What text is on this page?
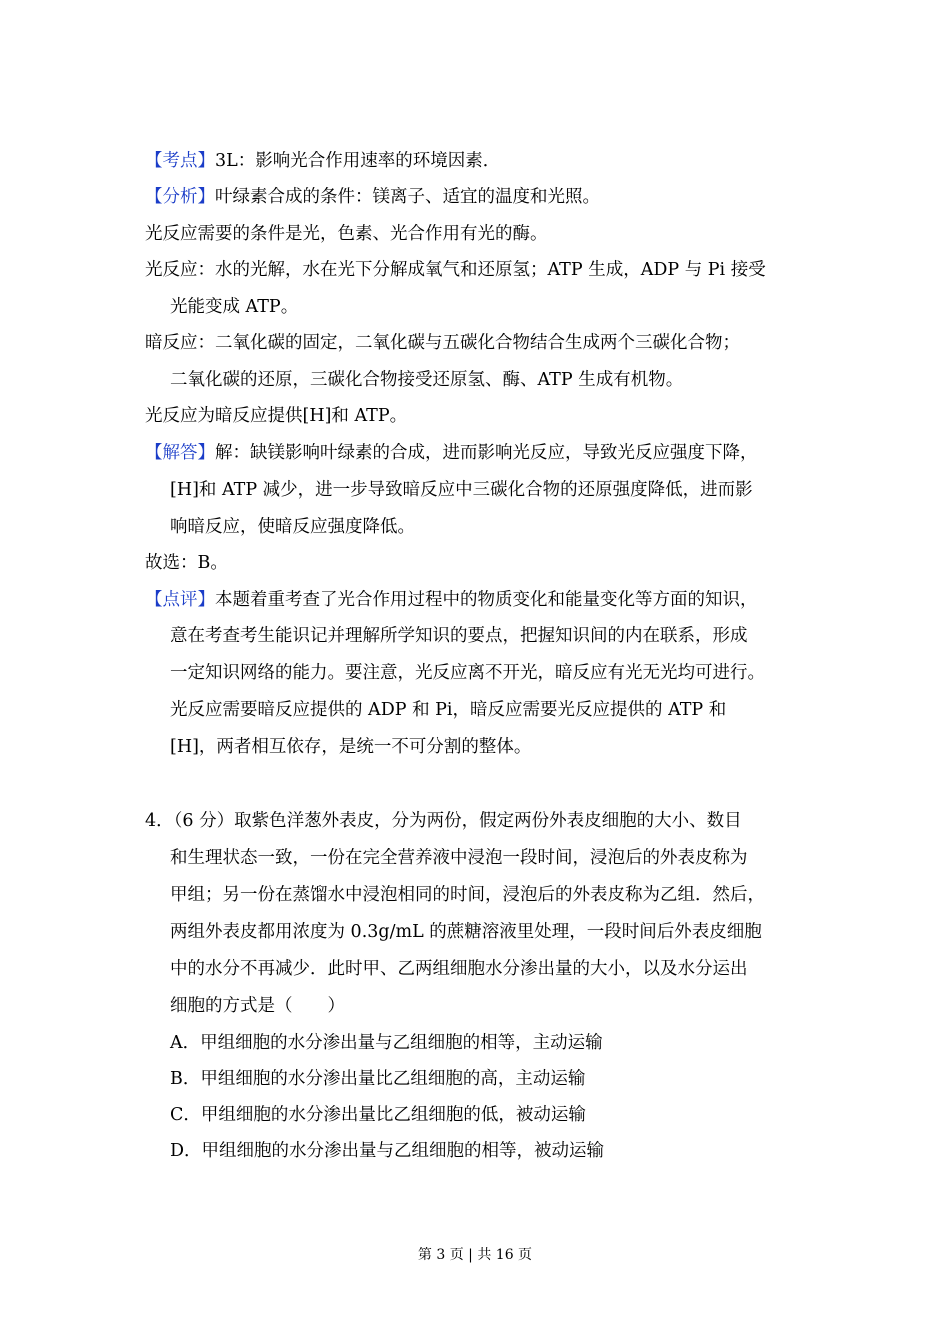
【考点】3L：影响光合作用速率的环境因素．
【分析】叶绿素合成的条件：镁离子、适宜的温度和光照。
光反应需要的条件是光，色素、光合作用有光的酶。
光反应：水的光解，水在光下分解成氧气和还原氢；ATP 生成，ADP 与 Pi 接受
光能变成 ATP。
暗反应：二氧化碳的固定，二氧化碳与五碳化合物结合生成两个三碳化合物；
二氧化碳的还原，三碳化合物接受还原氢、酶、ATP 生成有机物。
光反应为暗反应提供[H]和 ATP。
【解答】解：缺镁影响叶绿素的合成，进而影响光反应，导致光反应强度下降，
[H]和 ATP 减少，进一步导致暗反应中三碳化合物的还原强度降低，进而影
响暗反应，使暗反应强度降低。
故选：B。
【点评】本题着重考查了光合作用过程中的物质变化和能量变化等方面的知识，
意在考查考生能识记并理解所学知识的要点，把握知识间的内在联系，形成
一定知识网络的能力。要注意，光反应离不开光，暗反应有光无光均可进行。
光反应需要暗反应提供的 ADP 和 Pi，暗反应需要光反应提供的 ATP 和
[H]，两者相互依存，是统一不可分割的整体。
4．（6 分）取紫色洋葱外表皮，分为两份，假定两份外表皮细胞的大小、数目
和生理状态一致，一份在完全营养液中浸泡一段时间，浸泡后的外表皮称为
甲组；另一份在蒸馏水中浸泡相同的时间，浸泡后的外表皮称为乙组．然后，
两组外表皮都用浓度为 0.3g/mL 的蔗糖溶液里处理，一段时间后外表皮细胞
中的水分不再减少．此时甲、乙两组细胞水分渗出量的大小，以及水分运出
细胞的方式是（　　）
A．甲组细胞的水分渗出量与乙组细胞的相等，主动运输
B．甲组细胞的水分渗出量比乙组细胞的高，主动运输
C．甲组细胞的水分渗出量比乙组细胞的低，被动运输
D．甲组细胞的水分渗出量与乙组细胞的相等，被动运输
第 3 页 | 共 16 页
